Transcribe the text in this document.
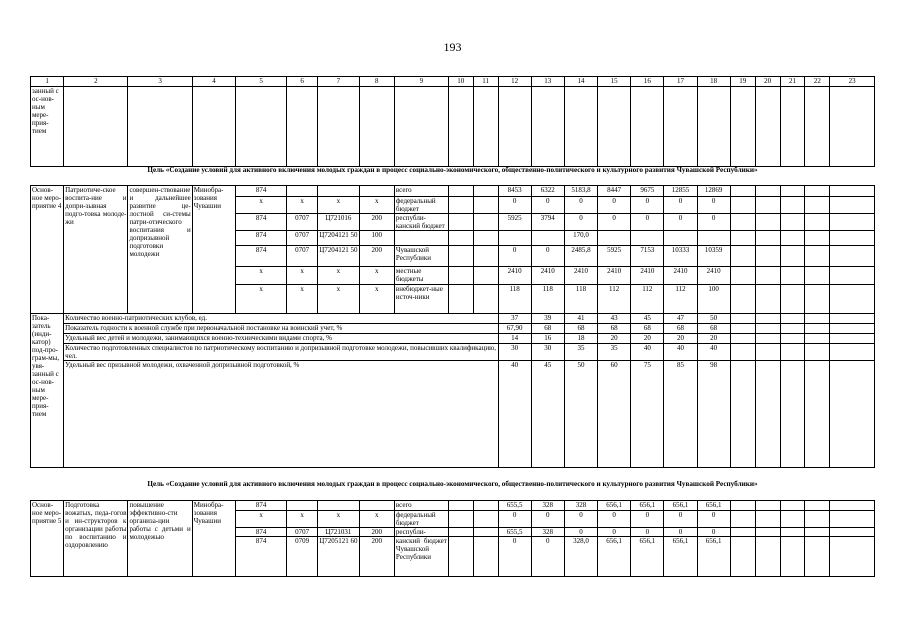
193
1	2	3	4	5	6	7	8	9	10	11	12	13	14	15	16	17	18	19	20	21	22	23
занный с ос-нов-ным мере-прия-тием																						
Цель «Создание условий для активного включения молодых граждан в процесс социально-экономического, общественно-политического и культурного развития Чувашской Республики»
Основ-ное меро-приятие 4	Патриотиче-ское воспита-ние и допри-зывная подго-товка молоде-жи	совершен-ствование и дальнейшее развитие це-лостной си-стемы патри-отического воспитания и допризывной подготовки молодежи	Минобра-зования Чувашии	874				всего			8453	6322	5183,8	8447	9675	12855	12869					
				x	x	x	x	федеральный бюджет			0	0	0	0	0	0	0					
				874	0707	Ц721016	200	республи-канский бюджет			5925	3794	0	0	0	0	0					
				874	0707	Ц7204121 50	100						170,0									
				874	0707	Ц7204121 50	200	Чувашской Республики			0	0	2485,8	5925	7153	10333	10359					
				x	x	x	x	местные бюджеты			2410	2410	2410	2410	2410	2410	2410					
				x	x	x	x	внебюджет-ные источ-ники			118	118	118	112	112	112	100					
Пока-затель (инди-катор) под-про-грам-мы, увя-занный с ос-нов-ным мере-прия-тием	Количество военно-патриотических клубов, ед.										37	39	41	43	45	47	50					
	Показатель годности к военной службе при первоначальной постановке на воинский учет, %										67,90	68	68	68	68	68	68					
	Удельный вес детей и молодежи, занимающихся военно-техническими видами спорта, %										14	16	18	20	20	20	20					
	Количество подготовленных специалистов по патриотическому воспитанию и допризывной подготовке молодежи, повысивших квалификацию, чел.										30	30	35	35	40	40	40					
	Удельный вес призывной молодежи, охваченной допризывной подготовкой, %										40	45	50	60	75	85	98					
Цель «Создание условий для активного включения молодых граждан в процесс социально-экономического, общественно-политического и культурного развития Чувашской Республики»
Основ-ное меро-приятие 5	Подготовка вожатых, педа-гогов и ин-структоров к организации работы по воспитанию и оздоровлению	повышение эффективно-сти организа-ции работы с детьми и молодежью	Минобра-зования Чувашии	874				всего			655,5	328	328	656,1	656,1	656,1	656,1					
				x	x	x	x	федеральный бюджет			0	0	0	0	0	0	0					
				874	0707	Ц721031	200	республи-			655,5	328	0	0	0	0	0					
				874	0709	Ц7205121 60	200	канский бюджет Чувашской Республики			0	0	328,0	656,1	656,1	656,1	656,1					
